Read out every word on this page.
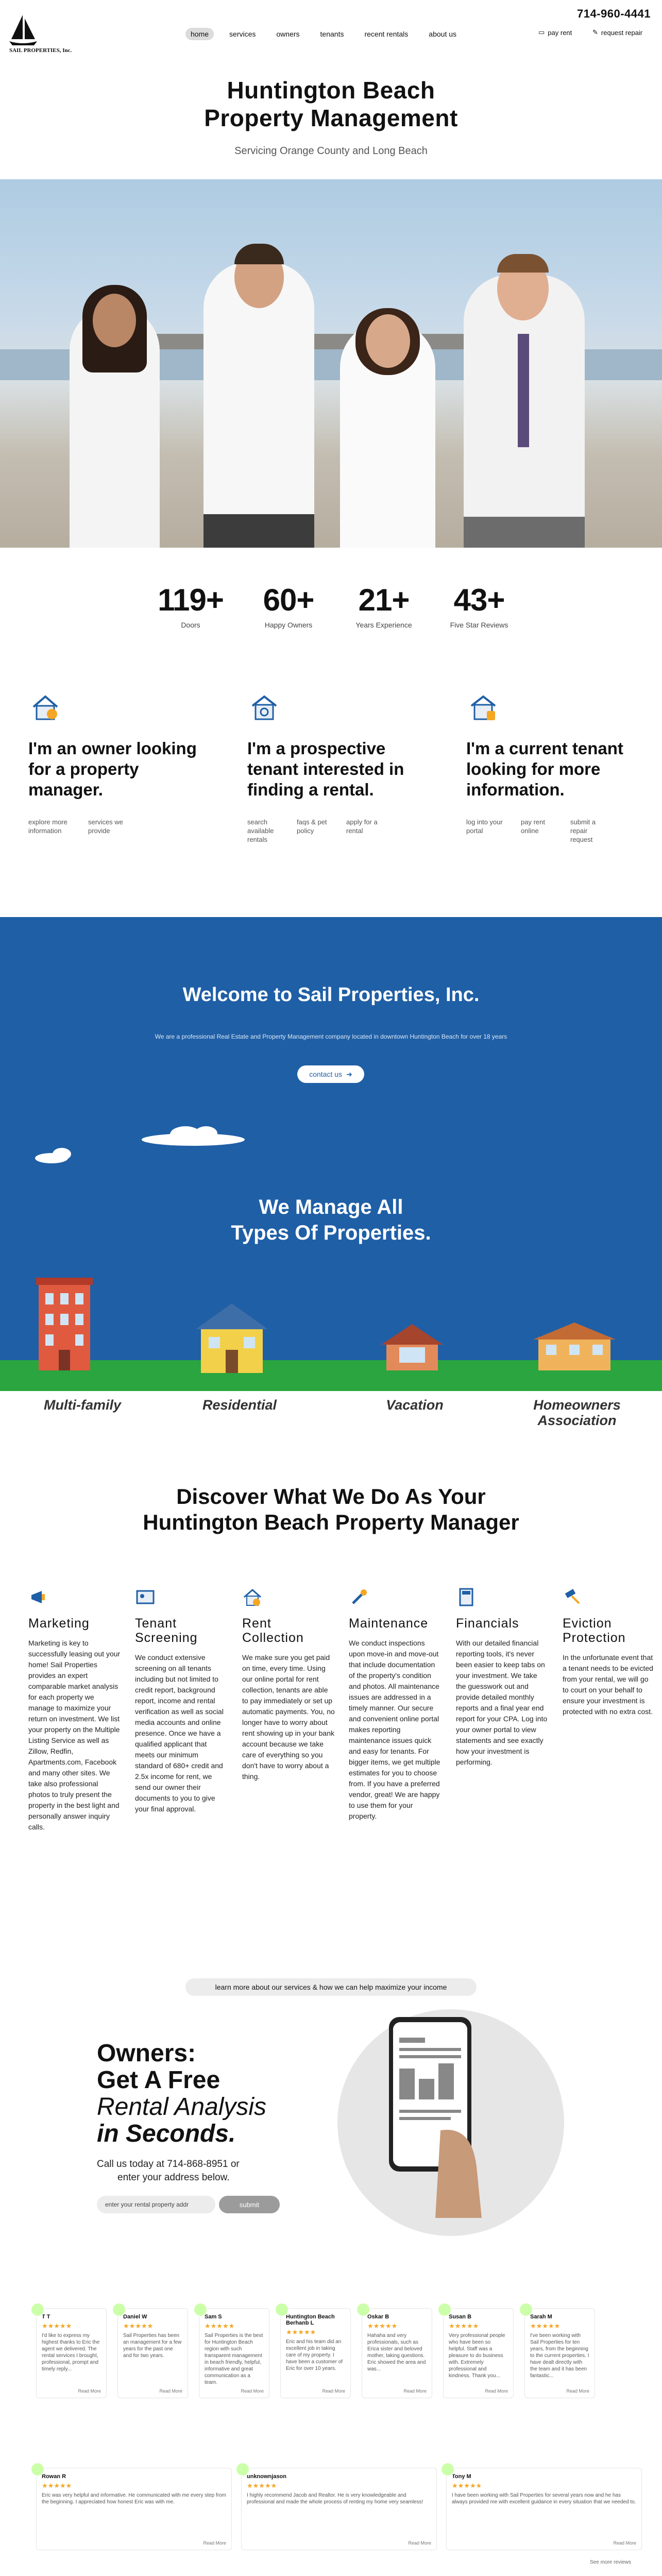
714-960-4441
SAIL PROPERTIES, Inc.
home	services	owners	tenants	recent rentals	about us	▭ pay rent	✎ request repair
Huntington Beach
Property Management
Servicing Orange County and Long Beach
119+
Doors
60+
Happy Owners
21+
Years Experience
43+
Five Star Reviews
I'm an owner looking for a property manager.
explore more information
services we provide
I'm a prospective tenant interested in finding a rental.
search available rentals
faqs & pet policy
apply for a rental
I'm a current tenant looking for more information.
log into your portal
pay rent online
submit a repair request
Welcome to Sail Properties, Inc.
We are a professional Real Estate and Property Management company located in downtown Huntington Beach for over 18 years
contact us ➜
We Manage All
Types Of Properties.
Multi-family	Residential	Vacation	Homeowners Association
Discover What We Do As Your
Huntington Beach Property Manager
Marketing
Marketing is key to successfully leasing out your home! Sail Properties provides an expert comparable market analysis for each property we manage to maximize your return on investment. We list your property on the Multiple Listing Service as well as Zillow, Redfin, Apartments.com, Facebook and many other sites. We take also professional photos to truly present the property in the best light and personally answer inquiry calls.
Tenant
Screening
We conduct extensive screening on all tenants including but not limited to credit report, background report, income and rental verification as well as social media accounts and online presence. Once we have a qualified applicant that meets our minimum standard of 680+ credit and 2.5x income for rent, we send our owner their documents to you to give your final approval.
Rent
Collection
We make sure you get paid on time, every time. Using our online portal for rent collection, tenants are able to pay immediately or set up automatic payments. You, no longer have to worry about rent showing up in your bank account because we take care of everything so you don't have to worry about a thing.
Maintenance
We conduct inspections upon move-in and move-out that include documentation of the property's condition and photos. All maintenance issues are addressed in a timely manner. Our secure and convenient online portal makes reporting maintenance issues quick and easy for tenants. For bigger items, we get multiple estimates for you to choose from. If you have a preferred vendor, great! We are happy to use them for your property.
Financials
With our detailed financial reporting tools, it's never been easier to keep tabs on your investment. We take the guesswork out and provide detailed monthly reports and a final year end report for your CPA. Log into your owner portal to view statements and see exactly how your investment is performing.
Eviction
Protection
In the unfortunate event that a tenant needs to be evicted from your rental, we will go to court on your behalf to ensure your investment is protected with no extra cost.
learn more about our services & how we can help maximize your income
Owners:
Get A Free
Rental Analysis
in Seconds.
Call us today at 714-868-8951 or
enter your address below.
enter your rental property addr	submit
T T
★★★★★
I'd like to express my highest thanks to Eric the agent we delivered. The rental services I brought, professional, prompt and timely reply...
Read More
Daniel W
★★★★★
Sail Properties has been an management for a few years for the past one and for two years.
Read More
Sam S
★★★★★
Sail Properties is the best for Huntington Beach region with such transparent management in beach friendly, helpful, informative and great communication as a team.
Read More
Huntington Beach Berhanb L
★★★★★
Eric and his team did an excellent job in taking care of my property. I have been a customer of Eric for over 10 years.
Read More
Oskar B
★★★★★
Hahaha and very professionals, such as Erica sister and beloved mother, taking questions. Eric showed the area and was...
Read More
Susan B
★★★★★
Very professional people who have been so helpful. Staff was a pleasure to do business with. Extremely professional and kindness. Thank you...
Read More
Sarah M
★★★★★
I've been working with Sail Properties for ten years, from the beginning to the current properties. I have dealt directly with the team and it has been fantastic...
Read More
Rowan R
★★★★★
Eric was very helpful and informative. He communicated with me every step from the beginning. I appreciated how honest Eric was with me.
Read More
unknownjason
★★★★★
I highly recommend Jacob and Realtor. He is very knowledgeable and professional and made the whole process of renting my home very seamless!
Read More
Tony M
★★★★★
I have been working with Sail Properties for several years now and he has always provided me with excellent guidance in every situation that we needed to.
Read More
See more reviews
